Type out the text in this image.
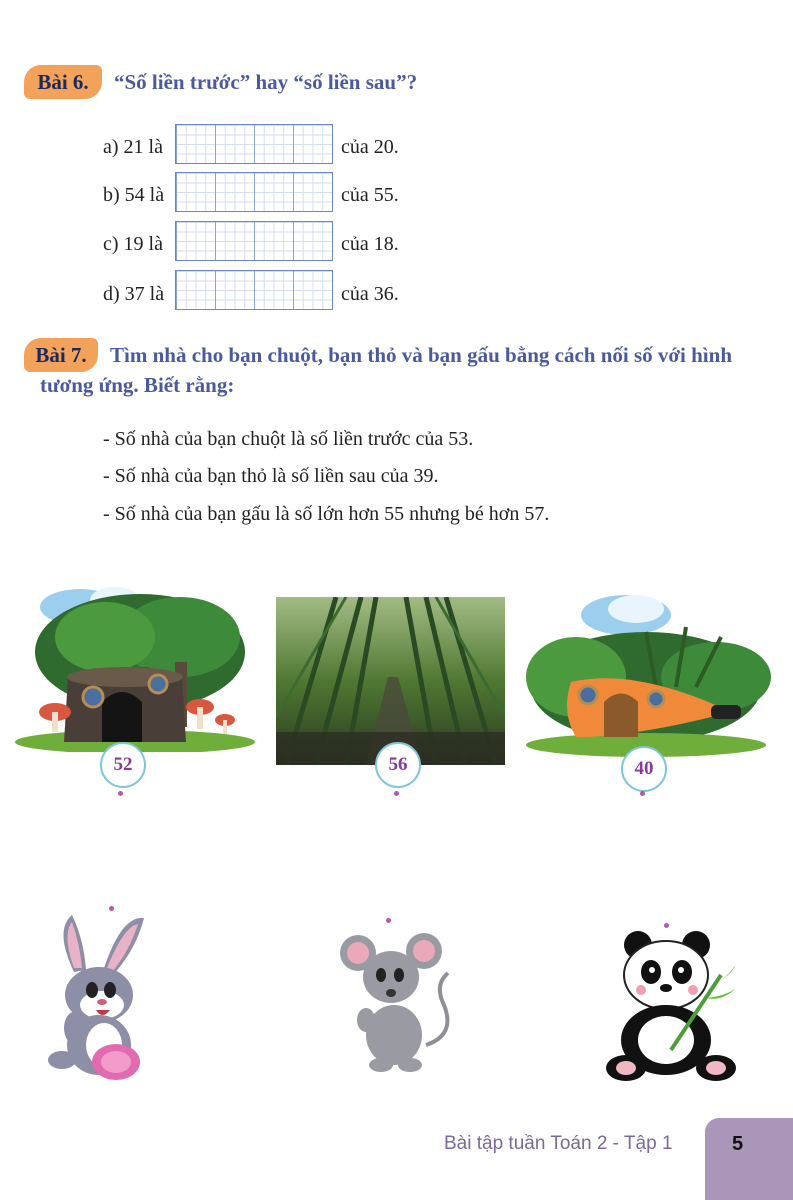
Bài 6.	“Số liền trước” hay “số liền sau”?
a) 21 là	của 20.
b) 54 là	của 55.
c) 19 là	của 18.
d) 37 là	của 36.
Bài 7.	Tìm nhà cho bạn chuột, bạn thỏ và bạn gấu bằng cách nối số với hình
tương ứng. Biết rằng:
- Số nhà của bạn chuột là số liền trước của 53.
- Số nhà của bạn thỏ là số liền sau của 39.
- Số nhà của bạn gấu là số lớn hơn 55 nhưng bé hơn 57.
52	56	40
Bài tập tuần Toán 2 - Tập 1	5
